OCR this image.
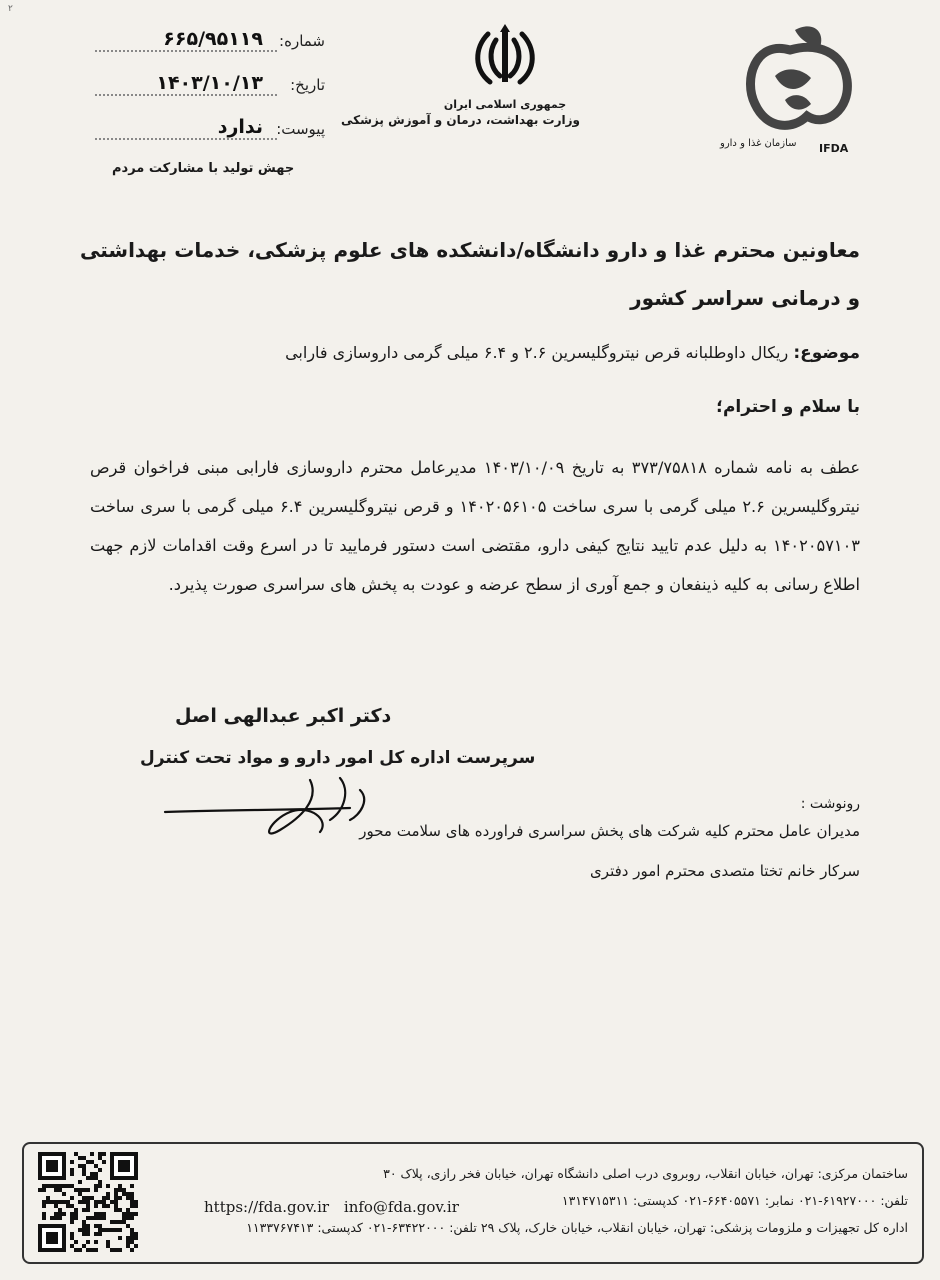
۲
شماره:
۶۶۵/۹۵۱۱۹
تاریخ:
۱۴۰۳/۱۰/۱۳
پیوست:
ندارد
جهش تولید با مشارکت مردم
جمهوری اسلامی ایران
وزارت بهداشت، درمان و آموزش پزشکی
سازمان غذا و دارو IFDA
معاونین محترم غذا و دارو دانشگاه/دانشکده های علوم پزشکی، خدمات بهداشتی و درمانی سراسر کشور
موضوع: ریکال داوطلبانه قرص نیتروگلیسرین ۲.۶ و ۶.۴ میلی گرمی داروسازی فارابی
با سلام و احترام؛
عطف به نامه شماره ۳۷۳/۷۵۸۱۸ به تاریخ ۱۴۰۳/۱۰/۰۹ مدیرعامل محترم داروسازی فارابی مبنی فراخوان قرص نیتروگلیسرین ۲.۶ میلی گرمی با سری ساخت ۱۴۰۲۰۵۶۱۰۵ و قرص نیتروگلیسرین ۶.۴ میلی گرمی با سری ساخت ۱۴۰۲۰۵۷۱۰۳ به دلیل عدم تایید نتایج کیفی دارو، مقتضی است دستور فرمایید تا در اسرع وقت اقدامات لازم جهت اطلاع رسانی به کلیه ذینفعان و جمع آوری از سطح عرضه و عودت به پخش های سراسری صورت پذیرد.
دکتر اکبر عبدالهی اصل
سرپرست اداره کل امور دارو و مواد تحت کنترل
رونوشت :
مدیران عامل محترم کلیه شرکت های پخش سراسری فراورده های سلامت محور
سرکار خانم تختا متصدی محترم امور دفتری
ساختمان مرکزی: تهران، خیابان انقلاب، روبروی درب اصلی دانشگاه تهران، خیابان فخر رازی، پلاک ۳۰
تلفن: ۶۱۹۲۷۰۰۰-۰۲۱ نمابر: ۶۶۴۰۵۵۷۱-۰۲۱ کدپستی: ۱۳۱۴۷۱۵۳۱۱
https://fda.gov.ir info@fda.gov.ir
اداره کل تجهیزات و ملزومات پزشکی: تهران، خیابان انقلاب، خیابان خارک، پلاک ۲۹ تلفن: ۶۳۴۲۲۰۰۰-۰۲۱ کدپستی: ۱۱۳۳۷۶۷۴۱۳
